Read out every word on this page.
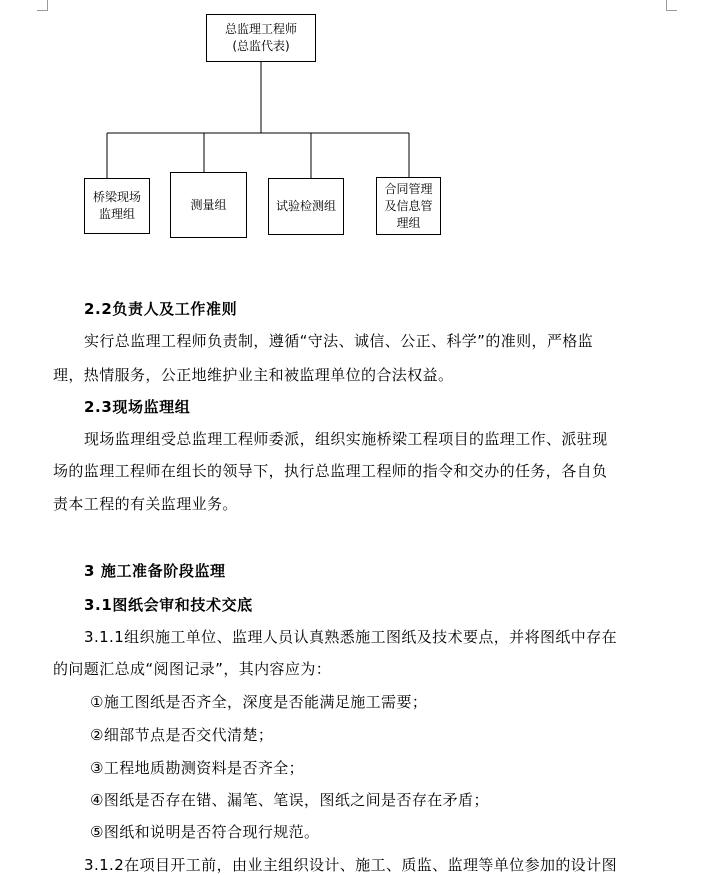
总监理工程师
(总监代表)
桥梁现场监理组
测量组	试验检测组
合同管理及信息管理组
2.2负责人及工作准则
实行总监理工程师负责制，遵循“守法、诚信、公正、科学”的准则，严格监
理，热情服务，公正地维护业主和被监理单位的合法权益。
2.3现场监理组
现场监理组受总监理工程师委派，组织实施桥梁工程项目的监理工作、派驻现
场的监理工程师在组长的领导下，执行总监理工程师的指令和交办的任务，各自负
责本工程的有关监理业务。
3 施工准备阶段监理
3.1图纸会审和技术交底
3.1.1组织施工单位、监理人员认真熟悉施工图纸及技术要点，并将图纸中存在
的问题汇总成“阅图记录”，其内容应为：
①施工图纸是否齐全，深度是否能满足施工需要；
②细部节点是否交代清楚；
③工程地质勘测资料是否齐全；
④图纸是否存在错、漏笔、笔误，图纸之间是否存在矛盾；
⑤图纸和说明是否符合现行规范。
3.1.2在项目开工前，由业主组织设计、施工、质监、监理等单位参加的设计图
